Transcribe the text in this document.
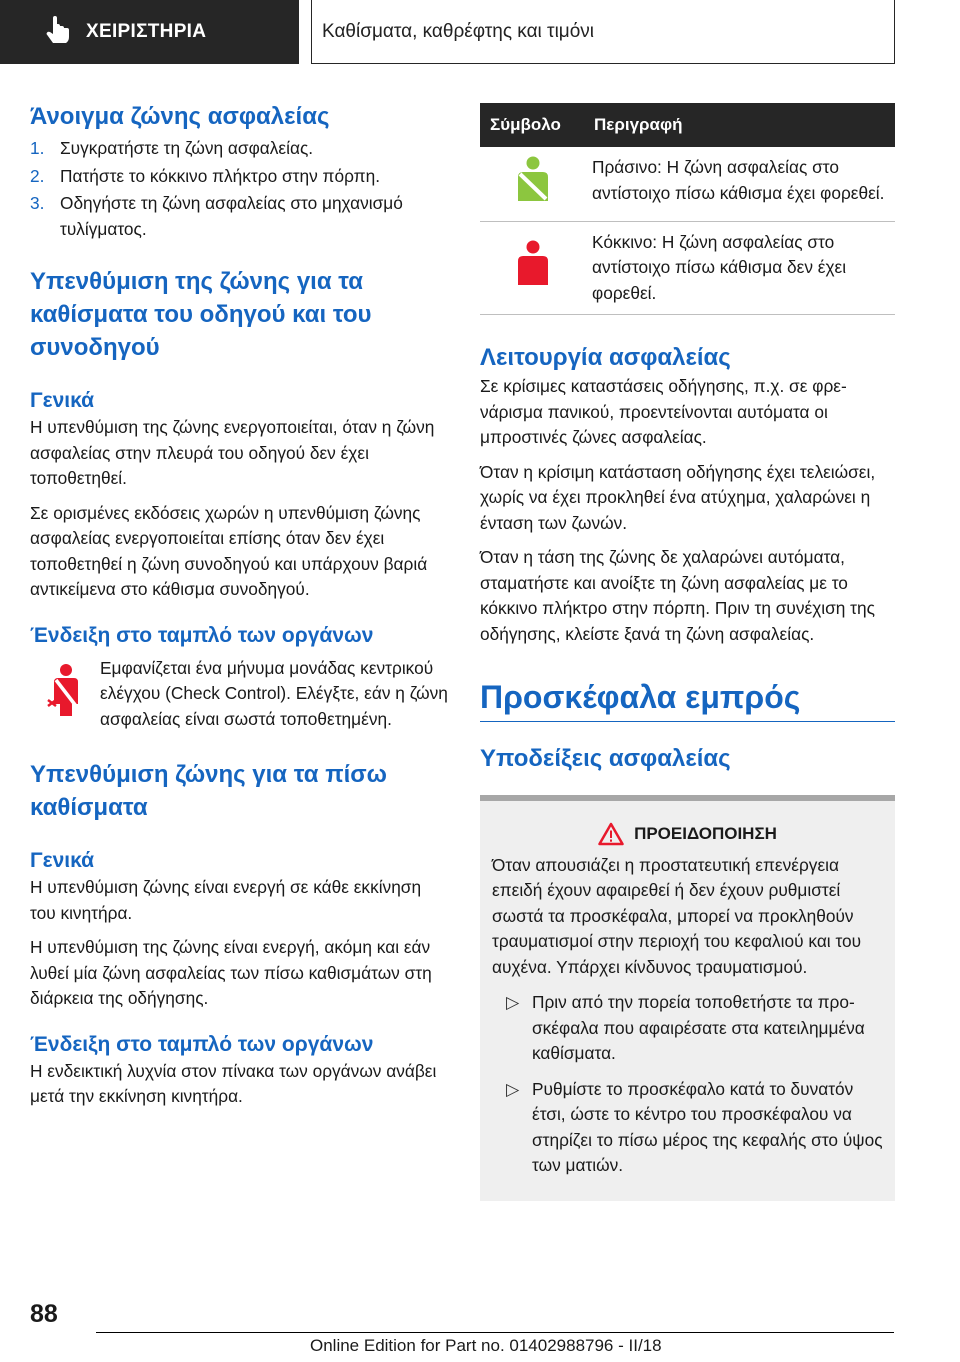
ΧΕΙΡΙΣΤΗΡΙΑ	Καθίσματα, καθρέφτης και τιμόνι
Άνοιγμα ζώνης ασφαλείας
1. Συγκρατήστε τη ζώνη ασφαλείας.
2. Πατήστε το κόκκινο πλήκτρο στην πόρπη.
3. Οδηγήστε τη ζώνη ασφαλείας στο μηχανισμό τυλίγματος.
Υπενθύμιση της ζώνης για τα καθίσματα του οδηγού και του συνοδηγού
Γενικά

Η υπενθύμιση της ζώνης ενεργοποιείται, όταν η ζώνη ασφαλείας στην πλευρά του οδηγού δεν έχει τοποθετηθεί.

Σε ορισμένες εκδόσεις χωρών η υπενθύμιση ζώνης ασφαλείας ενεργοποιείται επίσης όταν δεν έχει τοποθετηθεί η ζώνη συνοδηγού και υπάρχουν βαριά αντικείμενα στο κάθισμα συνοδηγού.

Ένδειξη στο ταμπλό των οργάνων

Εμφανίζεται ένα μήνυμα μονάδας κεντρικού ελέγχου (Check Control). Ελέγξτε, εάν η ζώνη ασφαλείας είναι σωστά τοποθετημένη.

Υπενθύμιση ζώνης για τα πίσω καθίσματα
Γενικά

Η υπενθύμιση ζώνης είναι ενεργή σε κάθε εκκίνηση του κινητήρα.

Η υπενθύμιση της ζώνης είναι ενεργή, ακόμη και εάν λυθεί μία ζώνη ασφαλείας των πίσω καθισμάτων στη διάρκεια της οδήγησης.

Ένδειξη στο ταμπλό των οργάνων

Η ενδεικτική λυχνία στον πίνακα των οργάνων ανάβει μετά την εκκίνηση κινητήρα.

Σύμβολο	Περιγραφή
	Πράσινο: Η ζώνη ασφαλείας στο αντίστοιχο πίσω κάθισμα έχει φορεθεί.
	Κόκκινο: Η ζώνη ασφαλείας στο αντίστοιχο πίσω κάθισμα δεν έχει φορεθεί.
Λειτουργία ασφαλείας

Σε κρίσιμες καταστάσεις οδήγησης, π.χ. σε φρενάρισμα πανικού, προεντείνονται αυτόματα οι μπροστινές ζώνες ασφαλείας.

Όταν η κρίσιμη κατάσταση οδήγησης έχει τελειώσει, χωρίς να έχει προκληθεί ένα ατύχημα, χαλαρώνει η ένταση των ζωνών.

Όταν η τάση της ζώνης δε χαλαρώνει αυτόματα, σταματήστε και ανοίξτε τη ζώνη ασφαλείας με το κόκκινο πλήκτρο στην πόρπη. Πριν τη συνέχιση της οδήγησης, κλείστε ξανά τη ζώνη ασφαλείας.

Προσκέφαλα εμπρός
Υποδείξεις ασφαλείας
ΠΡΟΕΙΔΟΠΟΙΗΣΗ

Όταν απουσιάζει η προστατευτική επενέργεια επειδή έχουν αφαιρεθεί ή δεν έχουν ρυθμιστεί σωστά τα προσκέφαλα, μπορεί να προκληθούν τραυματισμοί στην περιοχή του κεφαλιού και του αυχένα. Υπάρχει κίνδυνος τραυματισμού.

▷ Πριν από την πορεία τοποθετήστε τα προσκέφαλα που αφαιρέσατε στα κατειλημμένα καθίσματα.
▷ Ρυθμίστε το προσκέφαλο κατά το δυνατόν έτσι, ώστε το κέντρο του προσκέφαλου να στηρίζει το πίσω μέρος της κεφαλής στο ύψος των ματιών.
88
Online Edition for Part no. 01402988796 - II/18
